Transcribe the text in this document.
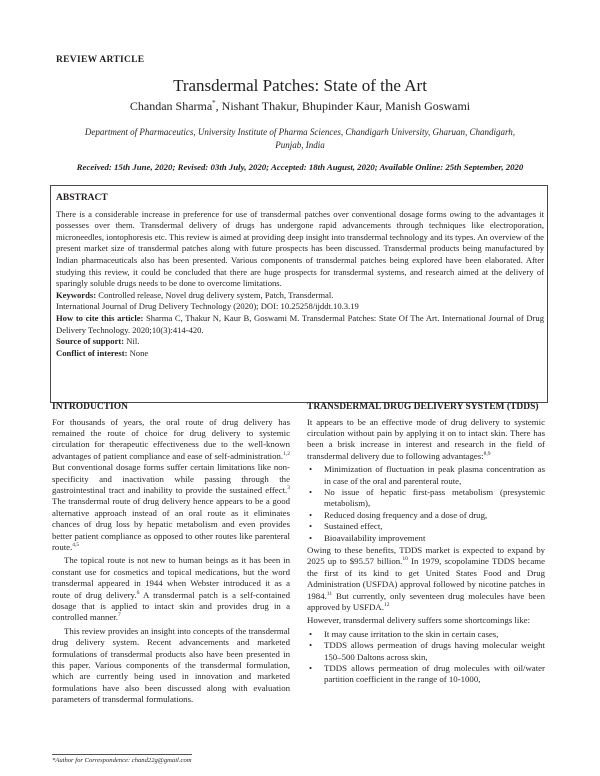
REVIEW ARTICLE
Transdermal Patches: State of the Art
Chandan Sharma*, Nishant Thakur, Bhupinder Kaur, Manish Goswami
Department of Pharmaceutics, University Institute of Pharma Sciences, Chandigarh University, Gharuan, Chandigarh, Punjab, India
Received: 15th June, 2020; Revised: 03th July, 2020; Accepted: 18th August, 2020; Available Online: 25th September, 2020
ABSTRACT

There is a considerable increase in preference for use of transdermal patches over conventional dosage forms owing to the advantages it possesses over them. Transdermal delivery of drugs has undergone rapid advancements through techniques like electroporation, microneedles, iontophoresis etc. This review is aimed at providing deep insight into transdermal technology and its types. An overview of the present market size of transdermal patches along with future prospects has been discussed. Transdermal products being manufactured by Indian pharmaceuticals also has been presented. Various components of transdermal patches being explored have been elaborated. After studying this review, it could be concluded that there are huge prospects for transdermal systems, and research aimed at the delivery of sparingly soluble drugs needs to be done to overcome limitations.

Keywords: Controlled release, Novel drug delivery system, Patch, Transdermal.

International Journal of Drug Delivery Technology (2020); DOI: 10.25258/ijddt.10.3.19

How to cite this article: Sharma C, Thakur N, Kaur B, Goswami M. Transdermal Patches: State Of The Art. International Journal of Drug Delivery Technology. 2020;10(3):414-420.

Source of support: Nil.

Conflict of interest: None

INTRODUCTION

For thousands of years, the oral route of drug delivery has remained the route of choice for drug delivery to systemic circulation for therapeutic effectiveness due to the well-known advantages of patient compliance and ease of self-administration.$^{1,2}$ But conventional dosage forms suffer certain limitations like non-specificity and inactivation while passing through the gastrointestinal tract and inability to provide the sustained effect.$^3$ The transdermal route of drug delivery hence appears to be a good alternative approach instead of an oral route as it eliminates chances of drug loss by hepatic metabolism and even provides better patient compliance as opposed to other routes like parenteral route.$^{4,5}$

The topical route is not new to human beings as it has been in constant use for cosmetics and topical medications, but the word transdermal appeared in 1944 when Webster introduced it as a route of drug delivery.$^6$ A transdermal patch is a self-contained dosage that is applied to intact skin and provides drug in a controlled manner.$^7$

This review provides an insight into concepts of the transdermal drug delivery system. Recent advancements and marketed formulations of transdermal products also have been presented in this paper. Various components of the transdermal formulation, which are currently being used in innovation and marketed formulations have also been discussed along with evaluation parameters of transdermal formulations.

TRANSDERMAL DRUG DELIVERY SYSTEM (TDDS)

It appears to be an effective mode of drug delivery to systemic circulation without pain by applying it on to intact skin. There has been a brisk increase in interest and research in the field of transdermal delivery due to following advantages:$^{8,9}$

• Minimization of fluctuation in peak plasma concentration as in case of the oral and parenteral route,
• No issue of hepatic first-pass metabolism (presystemic metabolism),
• Reduced dosing frequency and a dose of drug,
• Sustained effect,
• Bioavailability improvement

Owing to these benefits, TDDS market is expected to expand by 2025 up to $95.57 billion.$^{10}$ In 1979, scopolamine TDDS became the first of its kind to get United States Food and Drug Administration (USFDA) approval followed by nicotine patches in 1984.11 But currently, only seventeen drug molecules have been approved by USFDA.$^{12}$

However, transdermal delivery suffers some shortcomings like:

• It may cause irritation to the skin in certain cases,
• TDDS allows permeation of drugs having molecular weight 150–500 Daltons across skin,
• TDDS allows permeation of drug molecules with oil/water partition coefficient in the range of 10-1000,
*Author for Correspondence: chand22g@gmail.com
